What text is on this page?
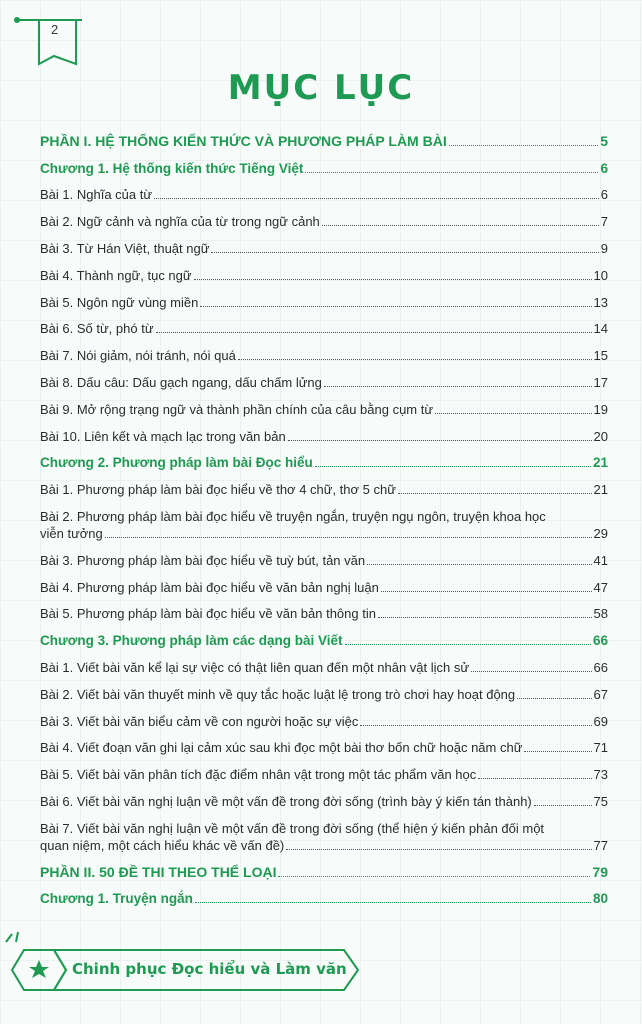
2
MỤC LỤC
PHẦN I. HỆ THỐNG KIẾN THỨC VÀ PHƯƠNG PHÁP LÀM BÀI	5
Chương 1. Hệ thống kiến thức Tiếng Việt	6
Bài 1. Nghĩa của từ	6
Bài 2. Ngữ cảnh và nghĩa của từ trong ngữ cảnh	7
Bài 3. Từ Hán Việt, thuật ngữ	9
Bài 4. Thành ngữ, tục ngữ	10
Bài 5. Ngôn ngữ vùng miền	13
Bài 6. Số từ, phó từ	14
Bài 7. Nói giảm, nói tránh, nói quá	15
Bài 8. Dấu câu: Dấu gạch ngang, dấu chấm lửng	17
Bài 9. Mở rộng trạng ngữ và thành phần chính của câu bằng cụm từ	19
Bài 10. Liên kết và mạch lạc trong văn bản	20
Chương 2. Phương pháp làm bài Đọc hiểu	21
Bài 1. Phương pháp làm bài đọc hiểu về thơ 4 chữ, thơ 5 chữ	21
Bài 2. Phương pháp làm bài đọc hiểu về truyện ngắn, truyện ngụ ngôn, truyện khoa học
viễn tưởng	29
Bài 3. Phương pháp làm bài đọc hiểu về tuỳ bút, tản văn	41
Bài 4. Phương pháp làm bài đọc hiểu về văn bản nghị luận	47
Bài 5. Phương pháp làm bài đọc hiểu về văn bản thông tin	58
Chương 3. Phương pháp làm các dạng bài Viết	66
Bài 1. Viết bài văn kể lại sự việc có thật liên quan đến một nhân vật lịch sử	66
Bài 2. Viết bài văn thuyết minh về quy tắc hoặc luật lệ trong trò chơi hay hoạt động	67
Bài 3. Viết bài văn biểu cảm về con người hoặc sự việc	69
Bài 4. Viết đoạn văn ghi lại cảm xúc sau khi đọc một bài thơ bốn chữ hoặc năm chữ	71
Bài 5. Viết bài văn phân tích đặc điểm nhân vật trong một tác phẩm văn học	73
Bài 6. Viết bài văn nghị luận về một vấn đề trong đời sống (trình bày ý kiến tán thành)	75
Bài 7. Viết bài văn nghị luận về một vấn đề trong đời sống (thể hiện ý kiến phản đối một
quan niệm, một cách hiểu khác về vấn đề)	77
PHẦN II. 50 ĐỀ THI THEO THỂ LOẠI	79
Chương 1. Truyện ngắn	80
Chinh phục Đọc hiểu và Làm văn
